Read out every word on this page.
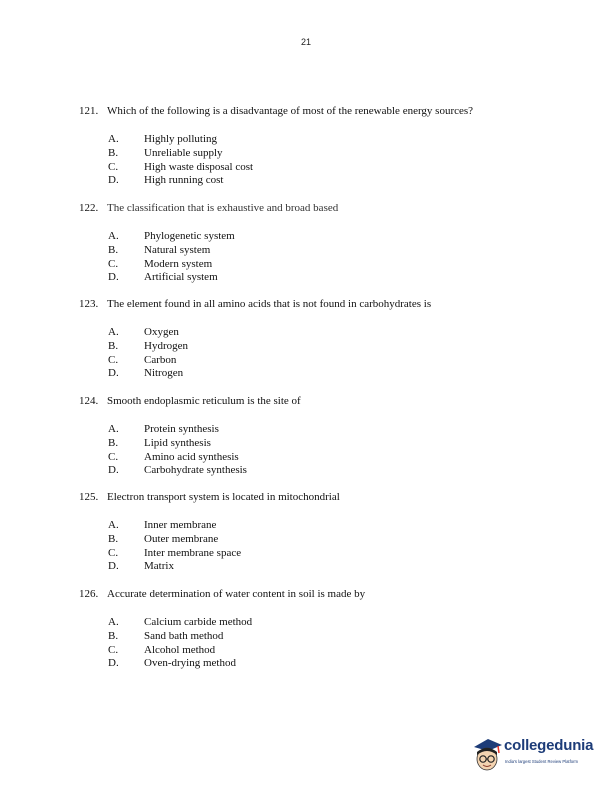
21
121. Which of the following is a disadvantage of most of the renewable energy sources?
A. Highly polluting
B. Unreliable supply
C. High waste disposal cost
D. High running cost
122. The classification that is exhaustive and broad based
A. Phylogenetic system
B. Natural system
C. Modern system
D. Artificial system
123. The element found in all amino acids that is not found in carbohydrates is
A. Oxygen
B. Hydrogen
C. Carbon
D. Nitrogen
124. Smooth endoplasmic reticulum is the site of
A. Protein synthesis
B. Lipid synthesis
C. Amino acid synthesis
D. Carbohydrate synthesis
125. Electron transport system is located in mitochondrial
A. Inner membrane
B. Outer membrane
C. Inter membrane space
D. Matrix
126. Accurate determination of water content in soil is made by
A. Calcium carbide method
B. Sand bath method
C. Alcohol method
D. Oven-drying method
collegedunia
India's largest Student Review Platform
